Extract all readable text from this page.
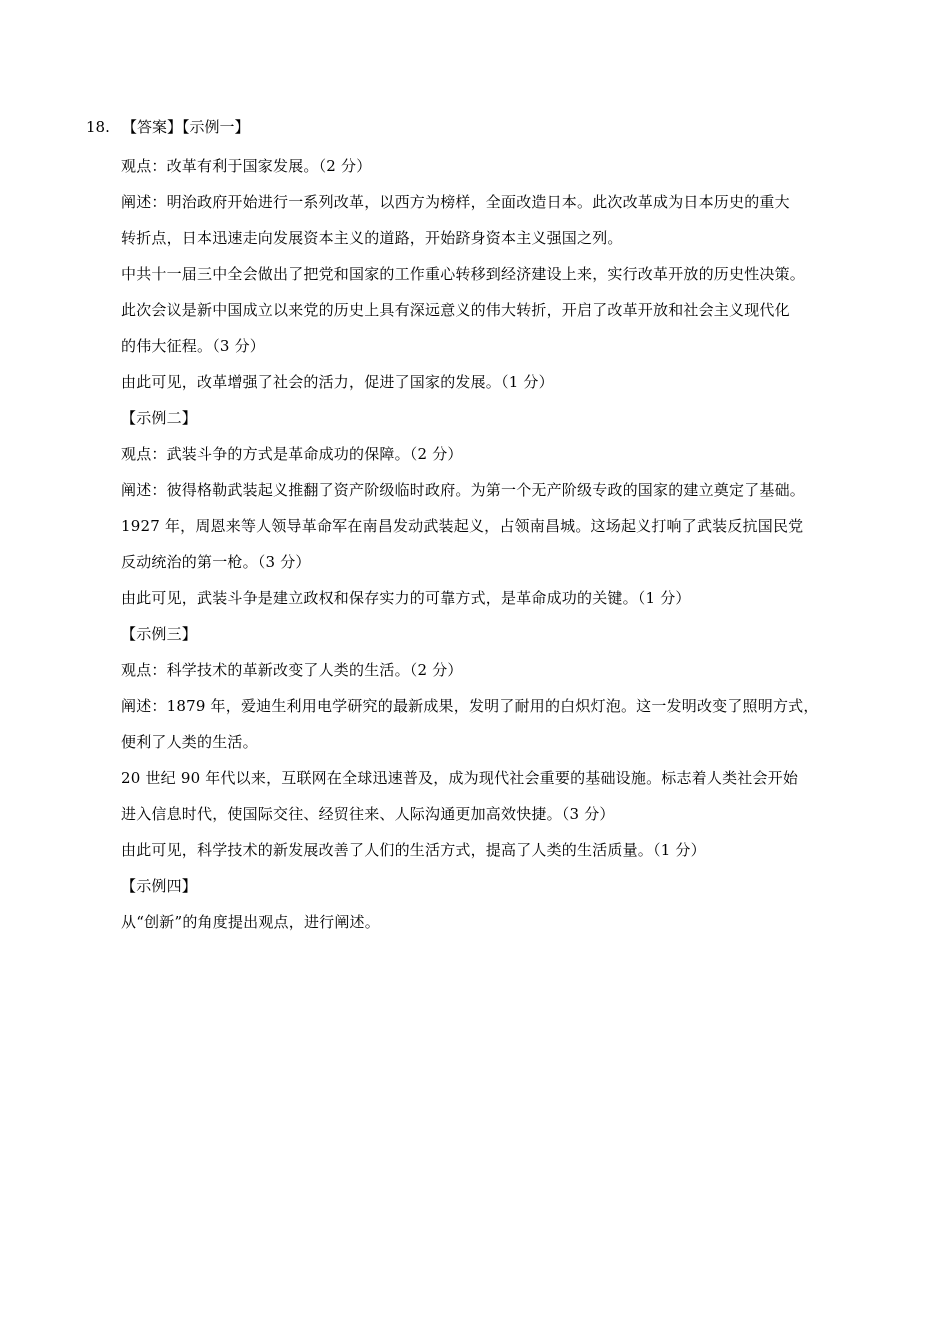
18. 【答案】【示例一】
观点：改革有利于国家发展。（2 分）
阐述：明治政府开始进行一系列改革，以西方为榜样，全面改造日本。此次改革成为日本历史的重大
转折点，日本迅速走向发展资本主义的道路，开始跻身资本主义强国之列。
中共十一届三中全会做出了把党和国家的工作重心转移到经济建设上来，实行改革开放的历史性决策。
此次会议是新中国成立以来党的历史上具有深远意义的伟大转折，开启了改革开放和社会主义现代化
的伟大征程。（3 分）
由此可见，改革增强了社会的活力，促进了国家的发展。（1 分）
【示例二】
观点：武装斗争的方式是革命成功的保障。（2 分）
阐述：彼得格勒武装起义推翻了资产阶级临时政府。为第一个无产阶级专政的国家的建立奠定了基础。
1927 年，周恩来等人领导革命军在南昌发动武装起义，占领南昌城。这场起义打响了武装反抗国民党
反动统治的第一枪。（3 分）
由此可见，武装斗争是建立政权和保存实力的可靠方式，是革命成功的关键。（1 分）
【示例三】
观点：科学技术的革新改变了人类的生活。（2 分）
阐述：1879 年，爱迪生利用电学研究的最新成果，发明了耐用的白炽灯泡。这一发明改变了照明方式，
便利了人类的生活。
20 世纪 90 年代以来，互联网在全球迅速普及，成为现代社会重要的基础设施。标志着人类社会开始
进入信息时代，使国际交往、经贸往来、人际沟通更加高效快捷。（3 分）
由此可见，科学技术的新发展改善了人们的生活方式，提高了人类的生活质量。（1 分）
【示例四】
从“创新”的角度提出观点，进行阐述。
